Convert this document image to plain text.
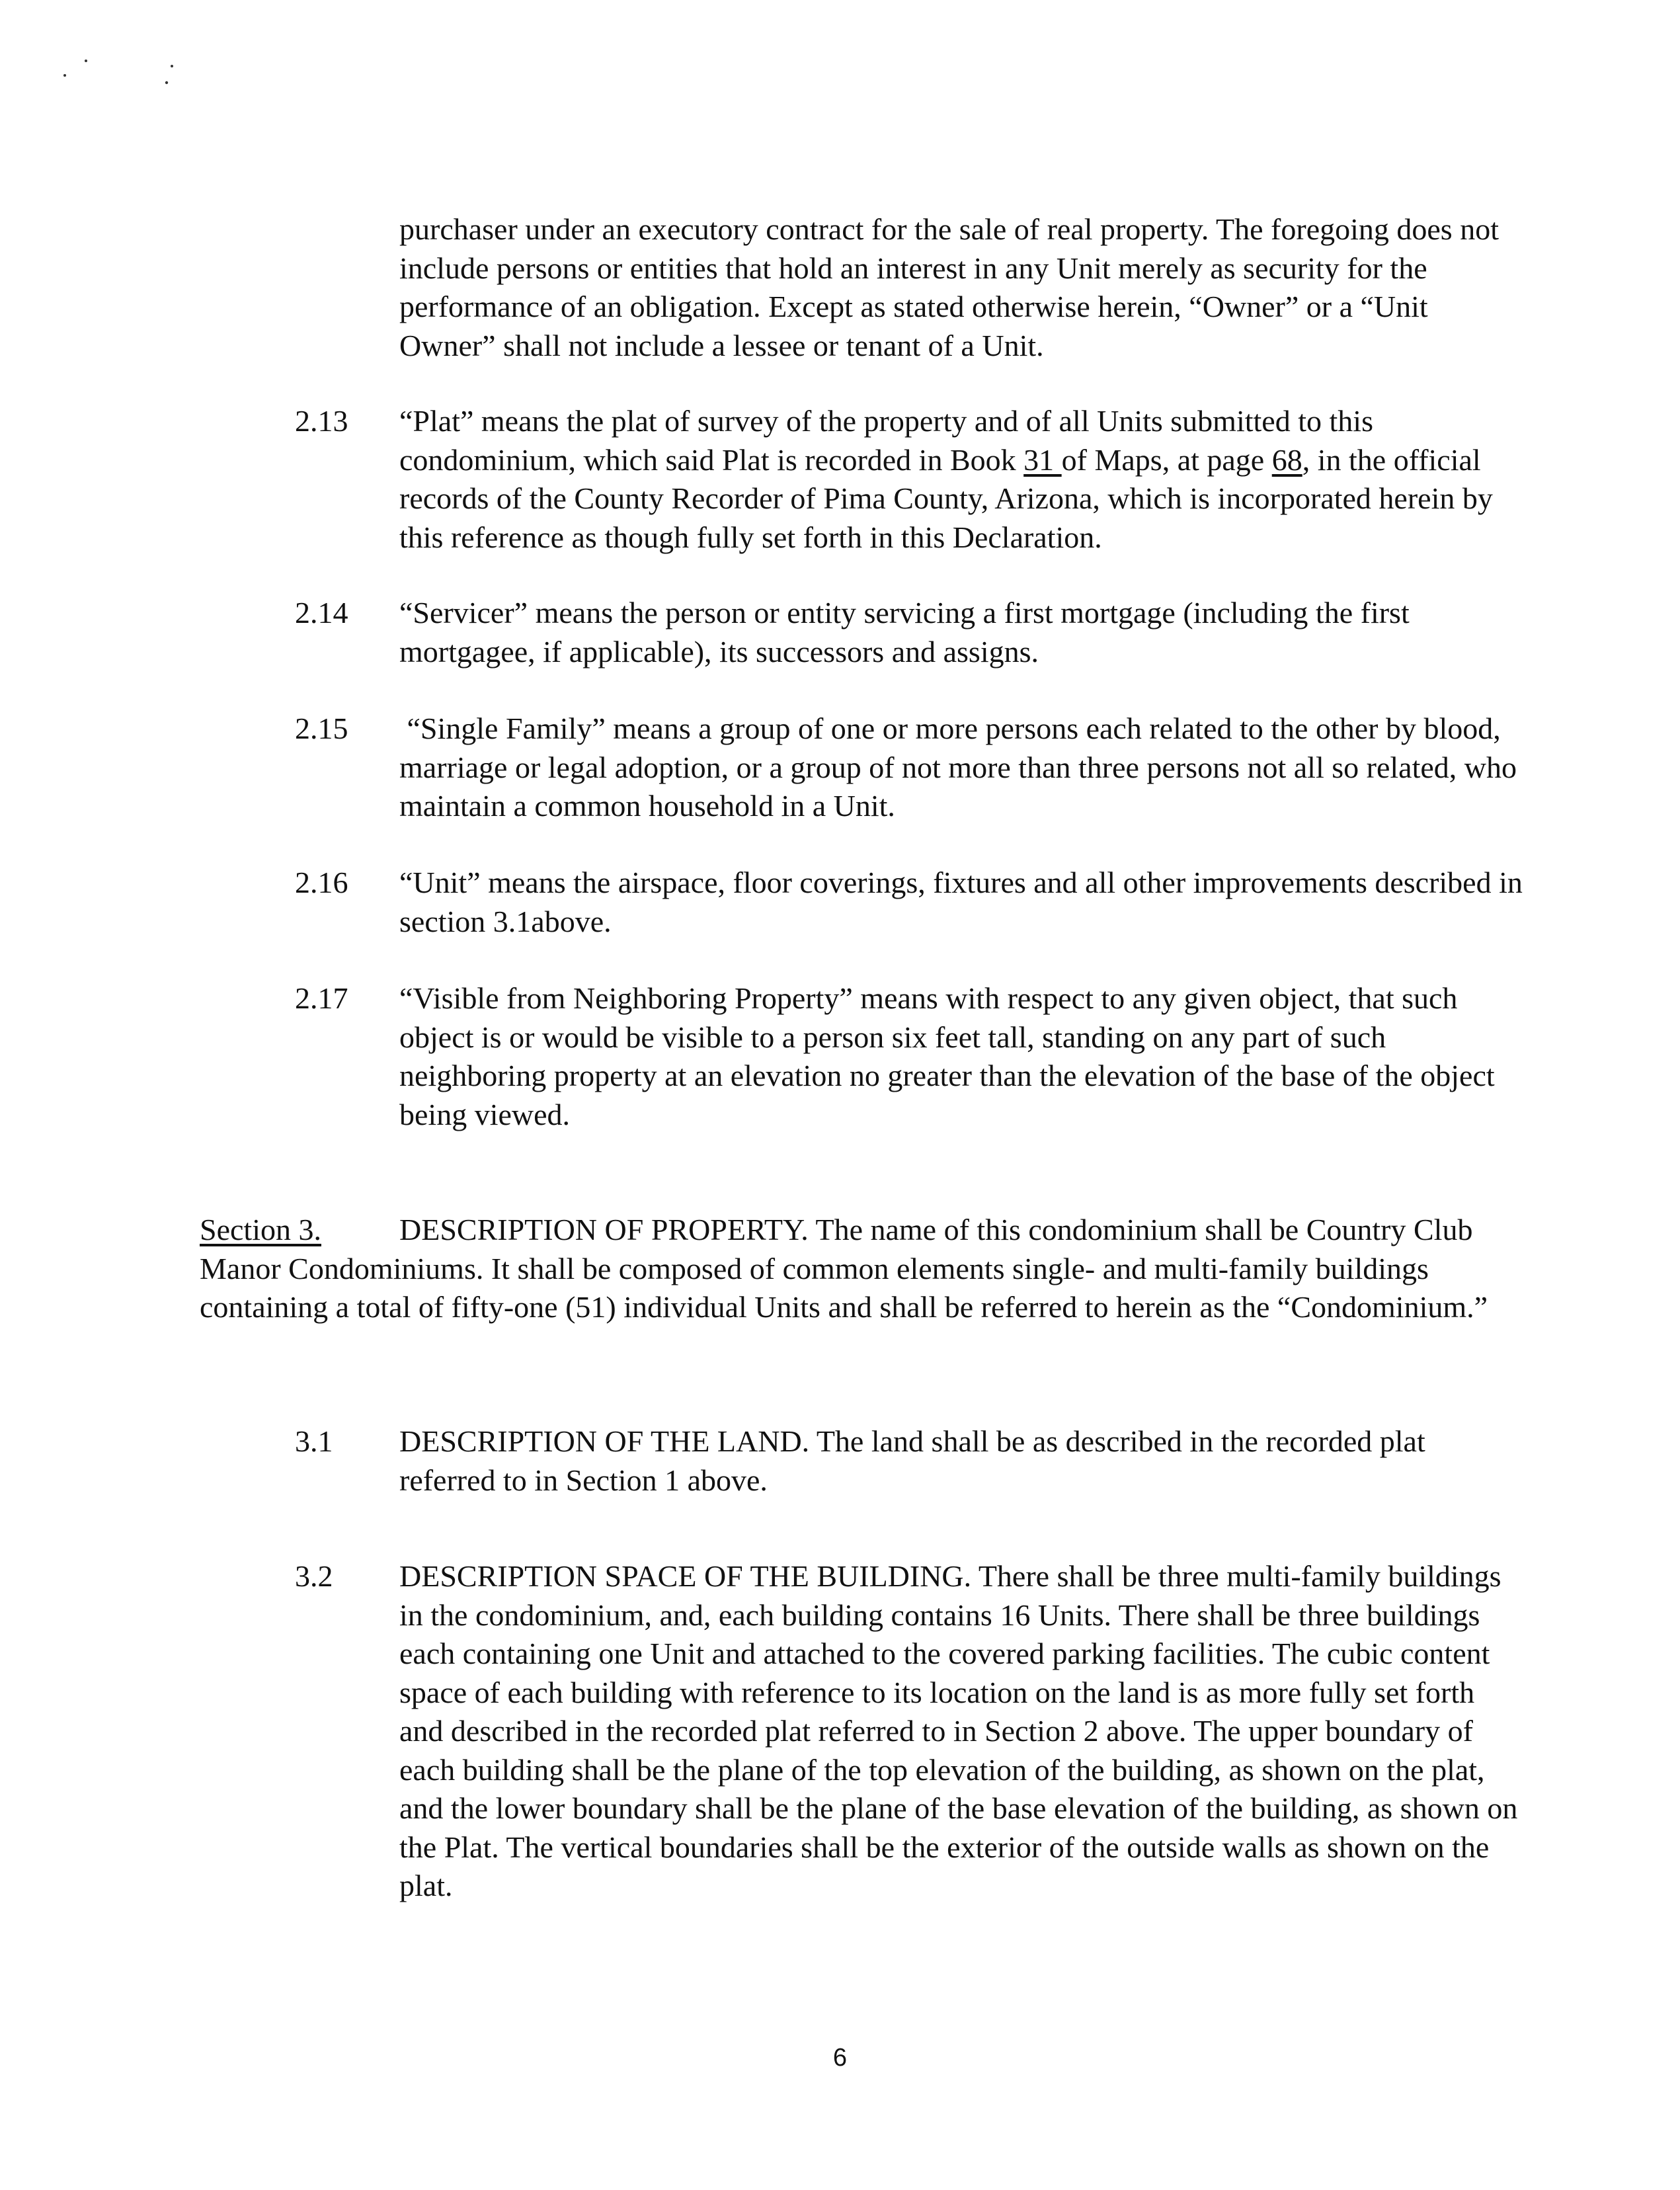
purchaser under an executory contract for the sale of real property. The foregoing does not include persons or entities that hold an interest in any Unit merely as security for the performance of an obligation. Except as stated otherwise herein, “Owner” or a “Unit Owner” shall not include a lessee or tenant of a Unit.

2.13 “Plat” means the plat of survey of the property and of all Units submitted to this condominium, which said Plat is recorded in Book 31 of Maps, at page 68, in the official records of the County Recorder of Pima County, Arizona, which is incorporated herein by this reference as though fully set forth in this Declaration.

2.14 “Servicer” means the person or entity servicing a first mortgage (including the first mortgagee, if applicable), its successors and assigns.

2.15 “Single Family” means a group of one or more persons each related to the other by blood, marriage or legal adoption, or a group of not more than three persons not all so related, who maintain a common household in a Unit.

2.16 “Unit” means the airspace, floor coverings, fixtures and all other improvements described in section 3.1above.

2.17 “Visible from Neighboring Property” means with respect to any given object, that such object is or would be visible to a person six feet tall, standing on any part of such neighboring property at an elevation no greater than the elevation of the base of the object being viewed.

Section 3.	DESCRIPTION OF PROPERTY. The name of this condominium shall be Country Club Manor Condominiums. It shall be composed of common elements single- and multi-family buildings containing a total of fifty-one (51) individual Units and shall be referred to herein as the “Condominium.”

3.1 DESCRIPTION OF THE LAND. The land shall be as described in the recorded plat referred to in Section 1 above.

3.2 DESCRIPTION SPACE OF THE BUILDING. There shall be three multi-family buildings in the condominium, and, each building contains 16 Units. There shall be three buildings each containing one Unit and attached to the covered parking facilities. The cubic content space of each building with reference to its location on the land is as more fully set forth and described in the recorded plat referred to in Section 2 above. The upper boundary of each building shall be the plane of the top elevation of the building, as shown on the plat, and the lower boundary shall be the plane of the base elevation of the building, as shown on the Plat. The vertical boundaries shall be the exterior of the outside walls as shown on the plat.

6
